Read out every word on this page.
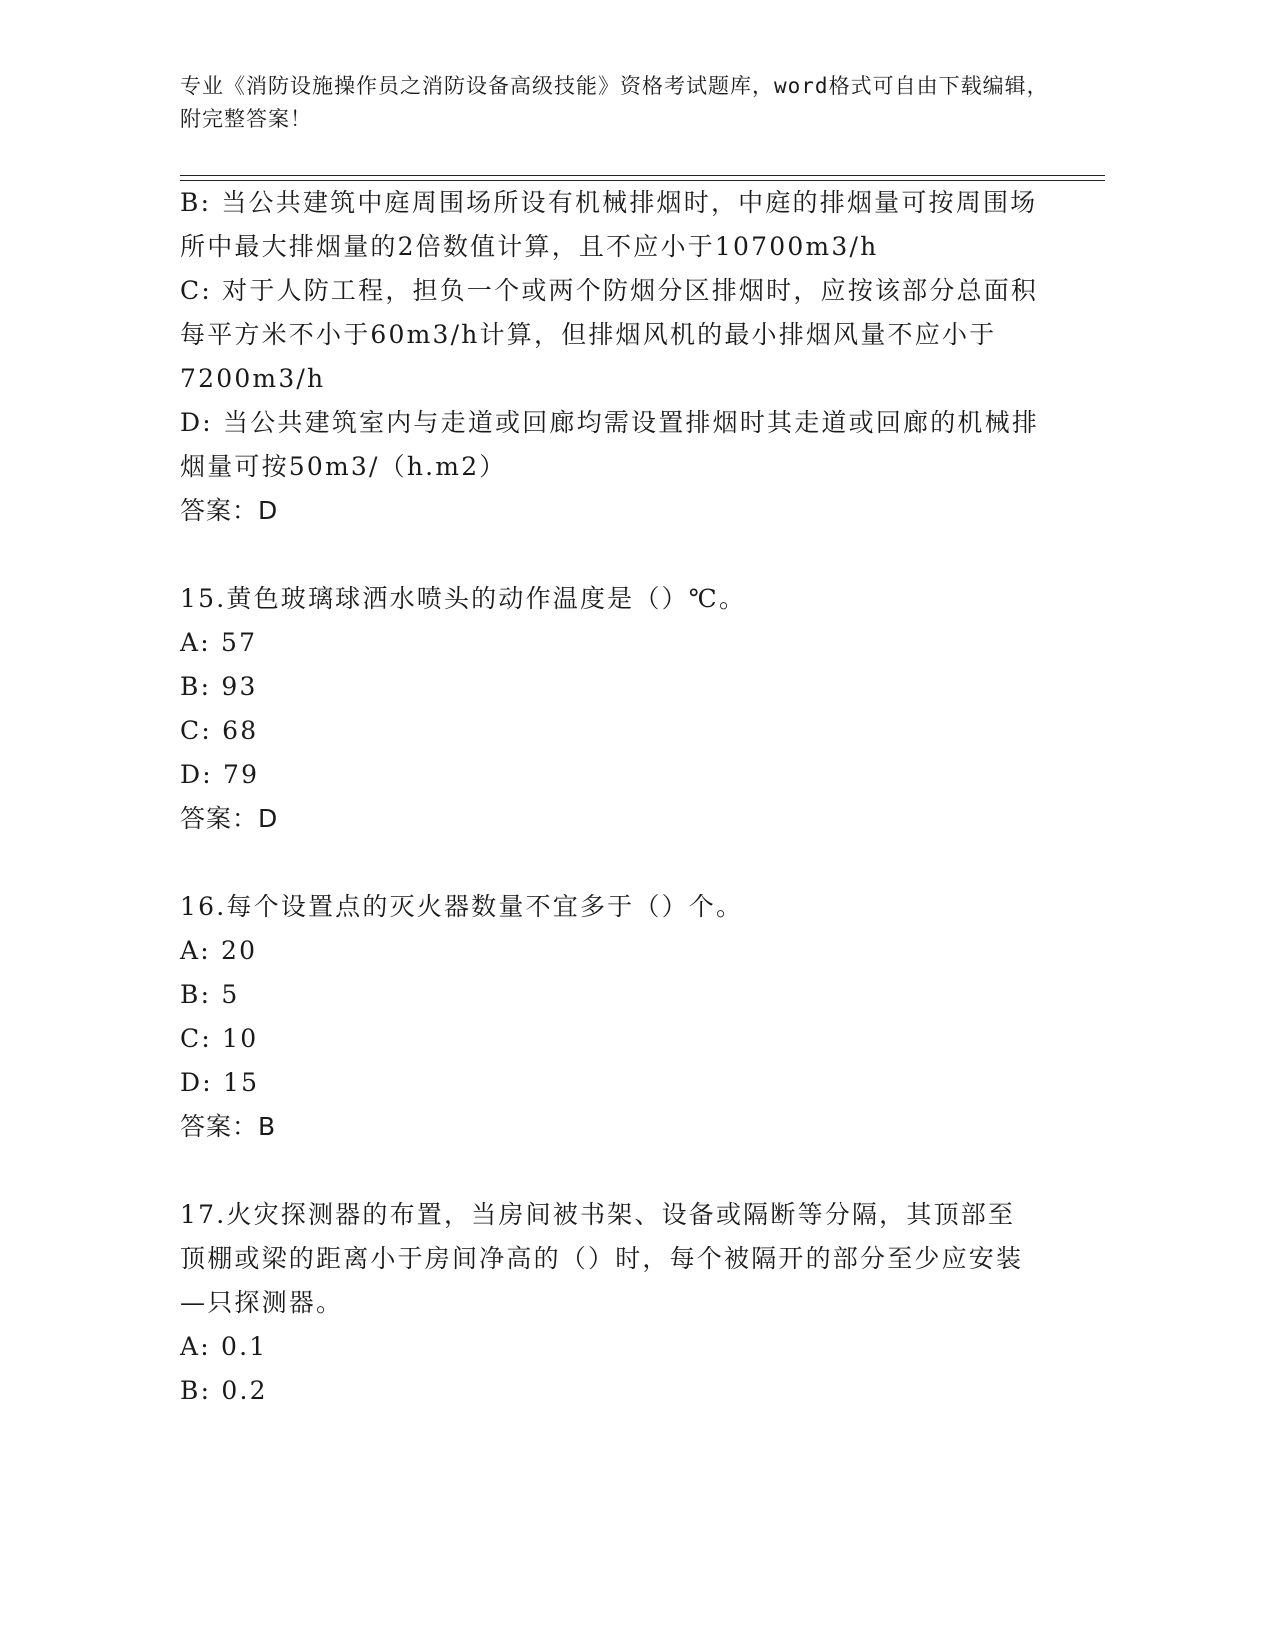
专业《消防设施操作员之消防设备高级技能》资格考试题库，word格式可自由下载编辑，附完整答案！

B: 当公共建筑中庭周围场所设有机械排烟时，中庭的排烟量可按周围场所中最大排烟量的2倍数值计算，且不应小于10700m3/h

C: 对于人防工程，担负一个或两个防烟分区排烟时，应按该部分总面积每平方米不小于60m3/h计算，但排烟风机的最小排烟风量不应小于7200m3/h

D: 当公共建筑室内与走道或回廊均需设置排烟时其走道或回廊的机械排烟量可按50m3/（h.m2）

答案：D

15.黄色玻璃球洒水喷头的动作温度是（）℃。

A: 57

B: 93

C: 68

D: 79

答案：D

16.每个设置点的灭火器数量不宜多于（）个。

A: 20

B: 5

C: 10

D: 15

答案：B

17.火灾探测器的布置，当房间被书架、设备或隔断等分隔，其顶部至顶棚或梁的距离小于房间净高的（）时，每个被隔开的部分至少应安装—只探测器。

A: 0.1

B: 0.2
